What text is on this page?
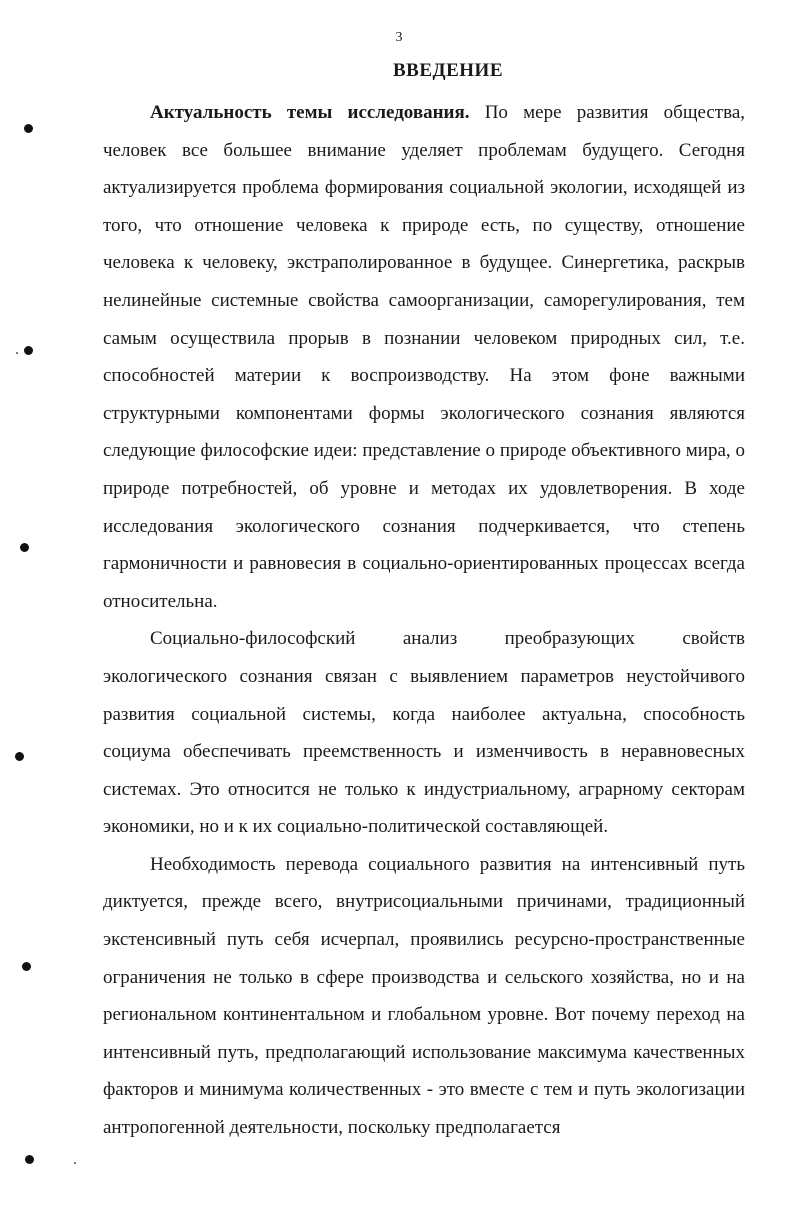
3
ВВЕДЕНИЕ

Актуальность темы исследования. По мере развития общества, человек все большее внимание уделяет проблемам будущего. Сегодня актуализируется проблема формирования социальной экологии, исходящей из того, что отношение человека к природе есть, по существу, отношение человека к человеку, экстраполированное в будущее. Синергетика, раскрыв нелинейные системные свойства самоорганизации, саморегулирования, тем самым осуществила прорыв в познании человеком природных сил, т.е. способностей материи к воспроизводству. На этом фоне важными структурными компонентами формы экологического сознания являются следующие философские идеи: представление о природе объективного мира, о природе потребностей, об уровне и методах их удовлетворения. В ходе исследования экологического сознания подчеркивается, что степень гармоничности и равновесия в социально-ориентированных процессах всегда относительна.

Социально-философский анализ преобразующих свойств экологического сознания связан с выявлением параметров неустойчивого развития социальной системы, когда наиболее актуальна, способность социума обеспечивать преемственность и изменчивость в неравновесных системах. Это относится не только к индустриальному, аграрному секторам экономики, но и к их социально-политической составляющей.

Необходимость перевода социального развития на интенсивный путь диктуется, прежде всего, внутрисоциальными причинами, традиционный экстенсивный путь себя исчерпал, проявились ресурсно-пространственные ограничения не только в сфере производства и сельского хозяйства, но и на региональном континентальном и глобальном уровне. Вот почему переход на интенсивный путь, предполагающий использование максимума качественных факторов и минимума количественных - это вместе с тем и путь экологизации антропогенной деятельности, поскольку предполагается
